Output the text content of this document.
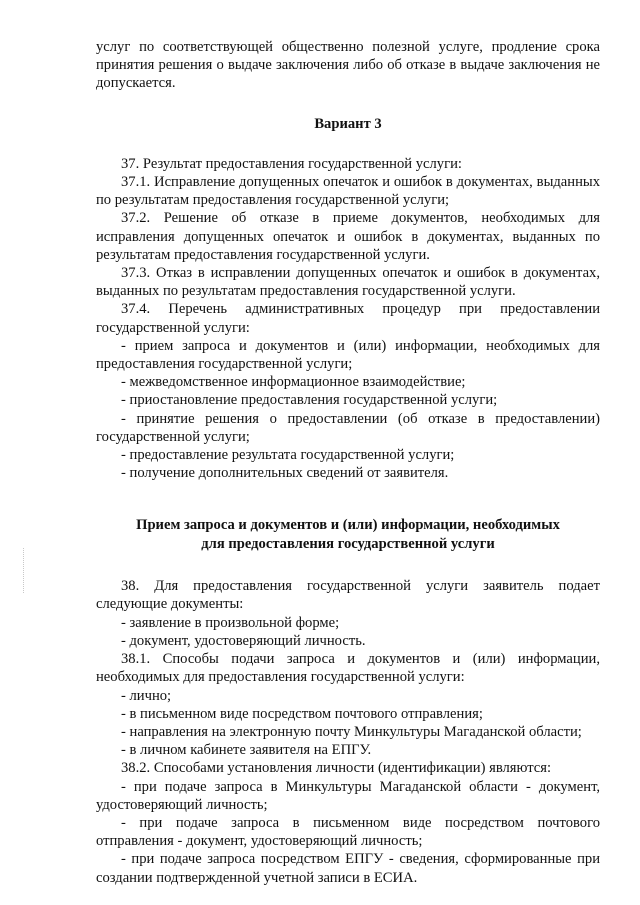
услуг по соответствующей общественно полезной услуге, продление срока принятия решения о выдаче заключения либо об отказе в выдаче заключения не допускается.

Вариант 3

37. Результат предоставления государственной услуги:

37.1. Исправление допущенных опечаток и ошибок в документах, выданных по результатам предоставления государственной услуги;

37.2. Решение об отказе в приеме документов, необходимых для исправления допущенных опечаток и ошибок в документах, выданных по результатам предоставления государственной услуги.

37.3. Отказ в исправлении допущенных опечаток и ошибок в документах, выданных по результатам предоставления государственной услуги.

37.4. Перечень административных процедур при предоставлении государственной услуги:

- прием запроса и документов и (или) информации, необходимых для предоставления государственной услуги;

- межведомственное информационное взаимодействие;

- приостановление предоставления государственной услуги;

- принятие решения о предоставлении (об отказе в предоставлении) государственной услуги;

- предоставление результата государственной услуги;

- получение дополнительных сведений от заявителя.

Прием запроса и документов и (или) информации, необходимых
для предоставления государственной услуги

38. Для предоставления государственной услуги заявитель подает следующие документы:

- заявление в произвольной форме;

- документ, удостоверяющий личность.

38.1. Способы подачи запроса и документов и (или) информации, необходимых для предоставления государственной услуги:

- лично;

- в письменном виде посредством почтового отправления;

- направления на электронную почту Минкультуры Магаданской области;

- в личном кабинете заявителя на ЕПГУ.

38.2. Способами установления личности (идентификации) являются:

- при подаче запроса в Минкультуры Магаданской области - документ, удостоверяющий личность;

- при подаче запроса в письменном виде посредством почтового отправления - документ, удостоверяющий личность;

- при подаче запроса посредством ЕПГУ - сведения, сформированные при создании подтвержденной учетной записи в ЕСИА.
